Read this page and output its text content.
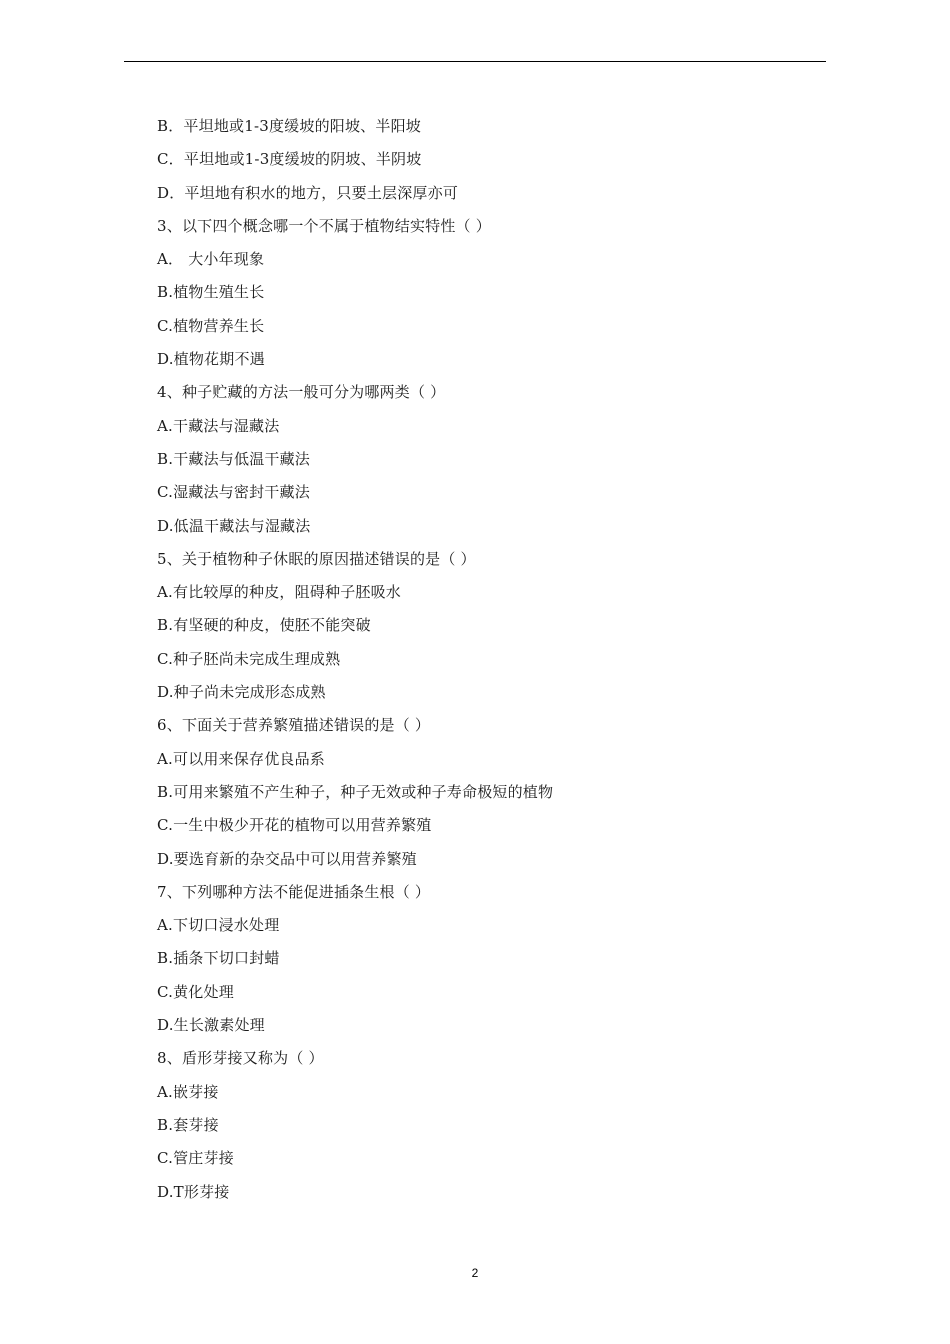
B．平坦地或1-3度缓坡的阳坡、半阳坡
C．平坦地或1-3度缓坡的阴坡、半阴坡
D．平坦地有积水的地方，只要土层深厚亦可
3、以下四个概念哪一个不属于植物结实特性（ ）
A． 大小年现象
B.植物生殖生长
C.植物营养生长
D.植物花期不遇
4、种子贮藏的方法一般可分为哪两类（ ）
A.干藏法与湿藏法
B.干藏法与低温干藏法
C.湿藏法与密封干藏法
D.低温干藏法与湿藏法
5、关于植物种子休眠的原因描述错误的是（ ）
A.有比较厚的种皮，阻碍种子胚吸水
B.有坚硬的种皮，使胚不能突破
C.种子胚尚未完成生理成熟
D.种子尚未完成形态成熟
6、下面关于营养繁殖描述错误的是（ ）
A.可以用来保存优良品系
B.可用来繁殖不产生种子，种子无效或种子寿命极短的植物
C.一生中极少开花的植物可以用营养繁殖
D.要选育新的杂交品中可以用营养繁殖
7、下列哪种方法不能促进插条生根（ ）
A.下切口浸水处理
B.插条下切口封蜡
C.黄化处理
D.生长激素处理
8、盾形芽接又称为（ ）
A.嵌芽接
B.套芽接
C.管庄芽接
D.T形芽接
2
